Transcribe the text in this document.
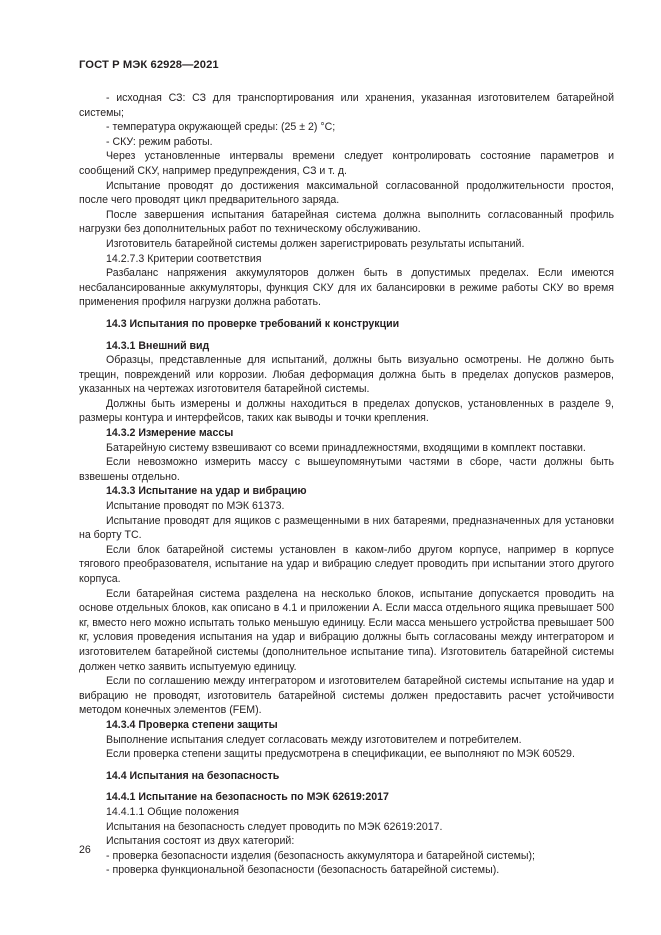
ГОСТ Р МЭК 62928—2021

- исходная СЗ: СЗ для транспортирования или хранения, указанная изготовителем батарейной системы;

- температура окружающей среды: (25 ± 2) °С;

- СКУ: режим работы.

Через установленные интервалы времени следует контролировать состояние параметров и сообщений СКУ, например предупреждения, СЗ и т. д.

Испытание проводят до достижения максимальной согласованной продолжительности простоя, после чего проводят цикл предварительного заряда.

После завершения испытания батарейная система должна выполнить согласованный профиль нагрузки без дополнительных работ по техническому обслуживанию.

Изготовитель батарейной системы должен зарегистрировать результаты испытаний.

14.2.7.3 Критерии соответствия

Разбаланс напряжения аккумуляторов должен быть в допустимых пределах. Если имеются несбалансированные аккумуляторы, функция СКУ для их балансировки в режиме работы СКУ во время применения профиля нагрузки должна работать.

14.3 Испытания по проверке требований к конструкции

14.3.1 Внешний вид

Образцы, представленные для испытаний, должны быть визуально осмотрены. Не должно быть трещин, повреждений или коррозии. Любая деформация должна быть в пределах допусков размеров, указанных на чертежах изготовителя батарейной системы.

Должны быть измерены и должны находиться в пределах допусков, установленных в разделе 9, размеры контура и интерфейсов, таких как выводы и точки крепления.

14.3.2 Измерение массы

Батарейную систему взвешивают со всеми принадлежностями, входящими в комплект поставки.

Если невозможно измерить массу с вышеупомянутыми частями в сборе, части должны быть взвешены отдельно.

14.3.3 Испытание на удар и вибрацию

Испытание проводят по МЭК 61373.

Испытание проводят для ящиков с размещенными в них батареями, предназначенных для установки на борту ТС.

Если блок батарейной системы установлен в каком-либо другом корпусе, например в корпусе тягового преобразователя, испытание на удар и вибрацию следует проводить при испытании этого другого корпуса.

Если батарейная система разделена на несколько блоков, испытание допускается проводить на основе отдельных блоков, как описано в 4.1 и приложении А. Если масса отдельного ящика превышает 500 кг, вместо него можно испытать только меньшую единицу. Если масса меньшего устройства превышает 500 кг, условия проведения испытания на удар и вибрацию должны быть согласованы между интегратором и изготовителем батарейной системы (дополнительное испытание типа). Изготовитель батарейной системы должен четко заявить испытуемую единицу.

Если по соглашению между интегратором и изготовителем батарейной системы испытание на удар и вибрацию не проводят, изготовитель батарейной системы должен предоставить расчет устойчивости методом конечных элементов (FEM).

14.3.4 Проверка степени защиты

Выполнение испытания следует согласовать между изготовителем и потребителем.

Если проверка степени защиты предусмотрена в спецификации, ее выполняют по МЭК 60529.

14.4 Испытания на безопасность

14.4.1 Испытание на безопасность по МЭК 62619:2017

14.4.1.1 Общие положения

Испытания на безопасность следует проводить по МЭК 62619:2017.

Испытания состоят из двух категорий:

- проверка безопасности изделия (безопасность аккумулятора и батарейной системы);

- проверка функциональной безопасности (безопасность батарейной системы).

26
